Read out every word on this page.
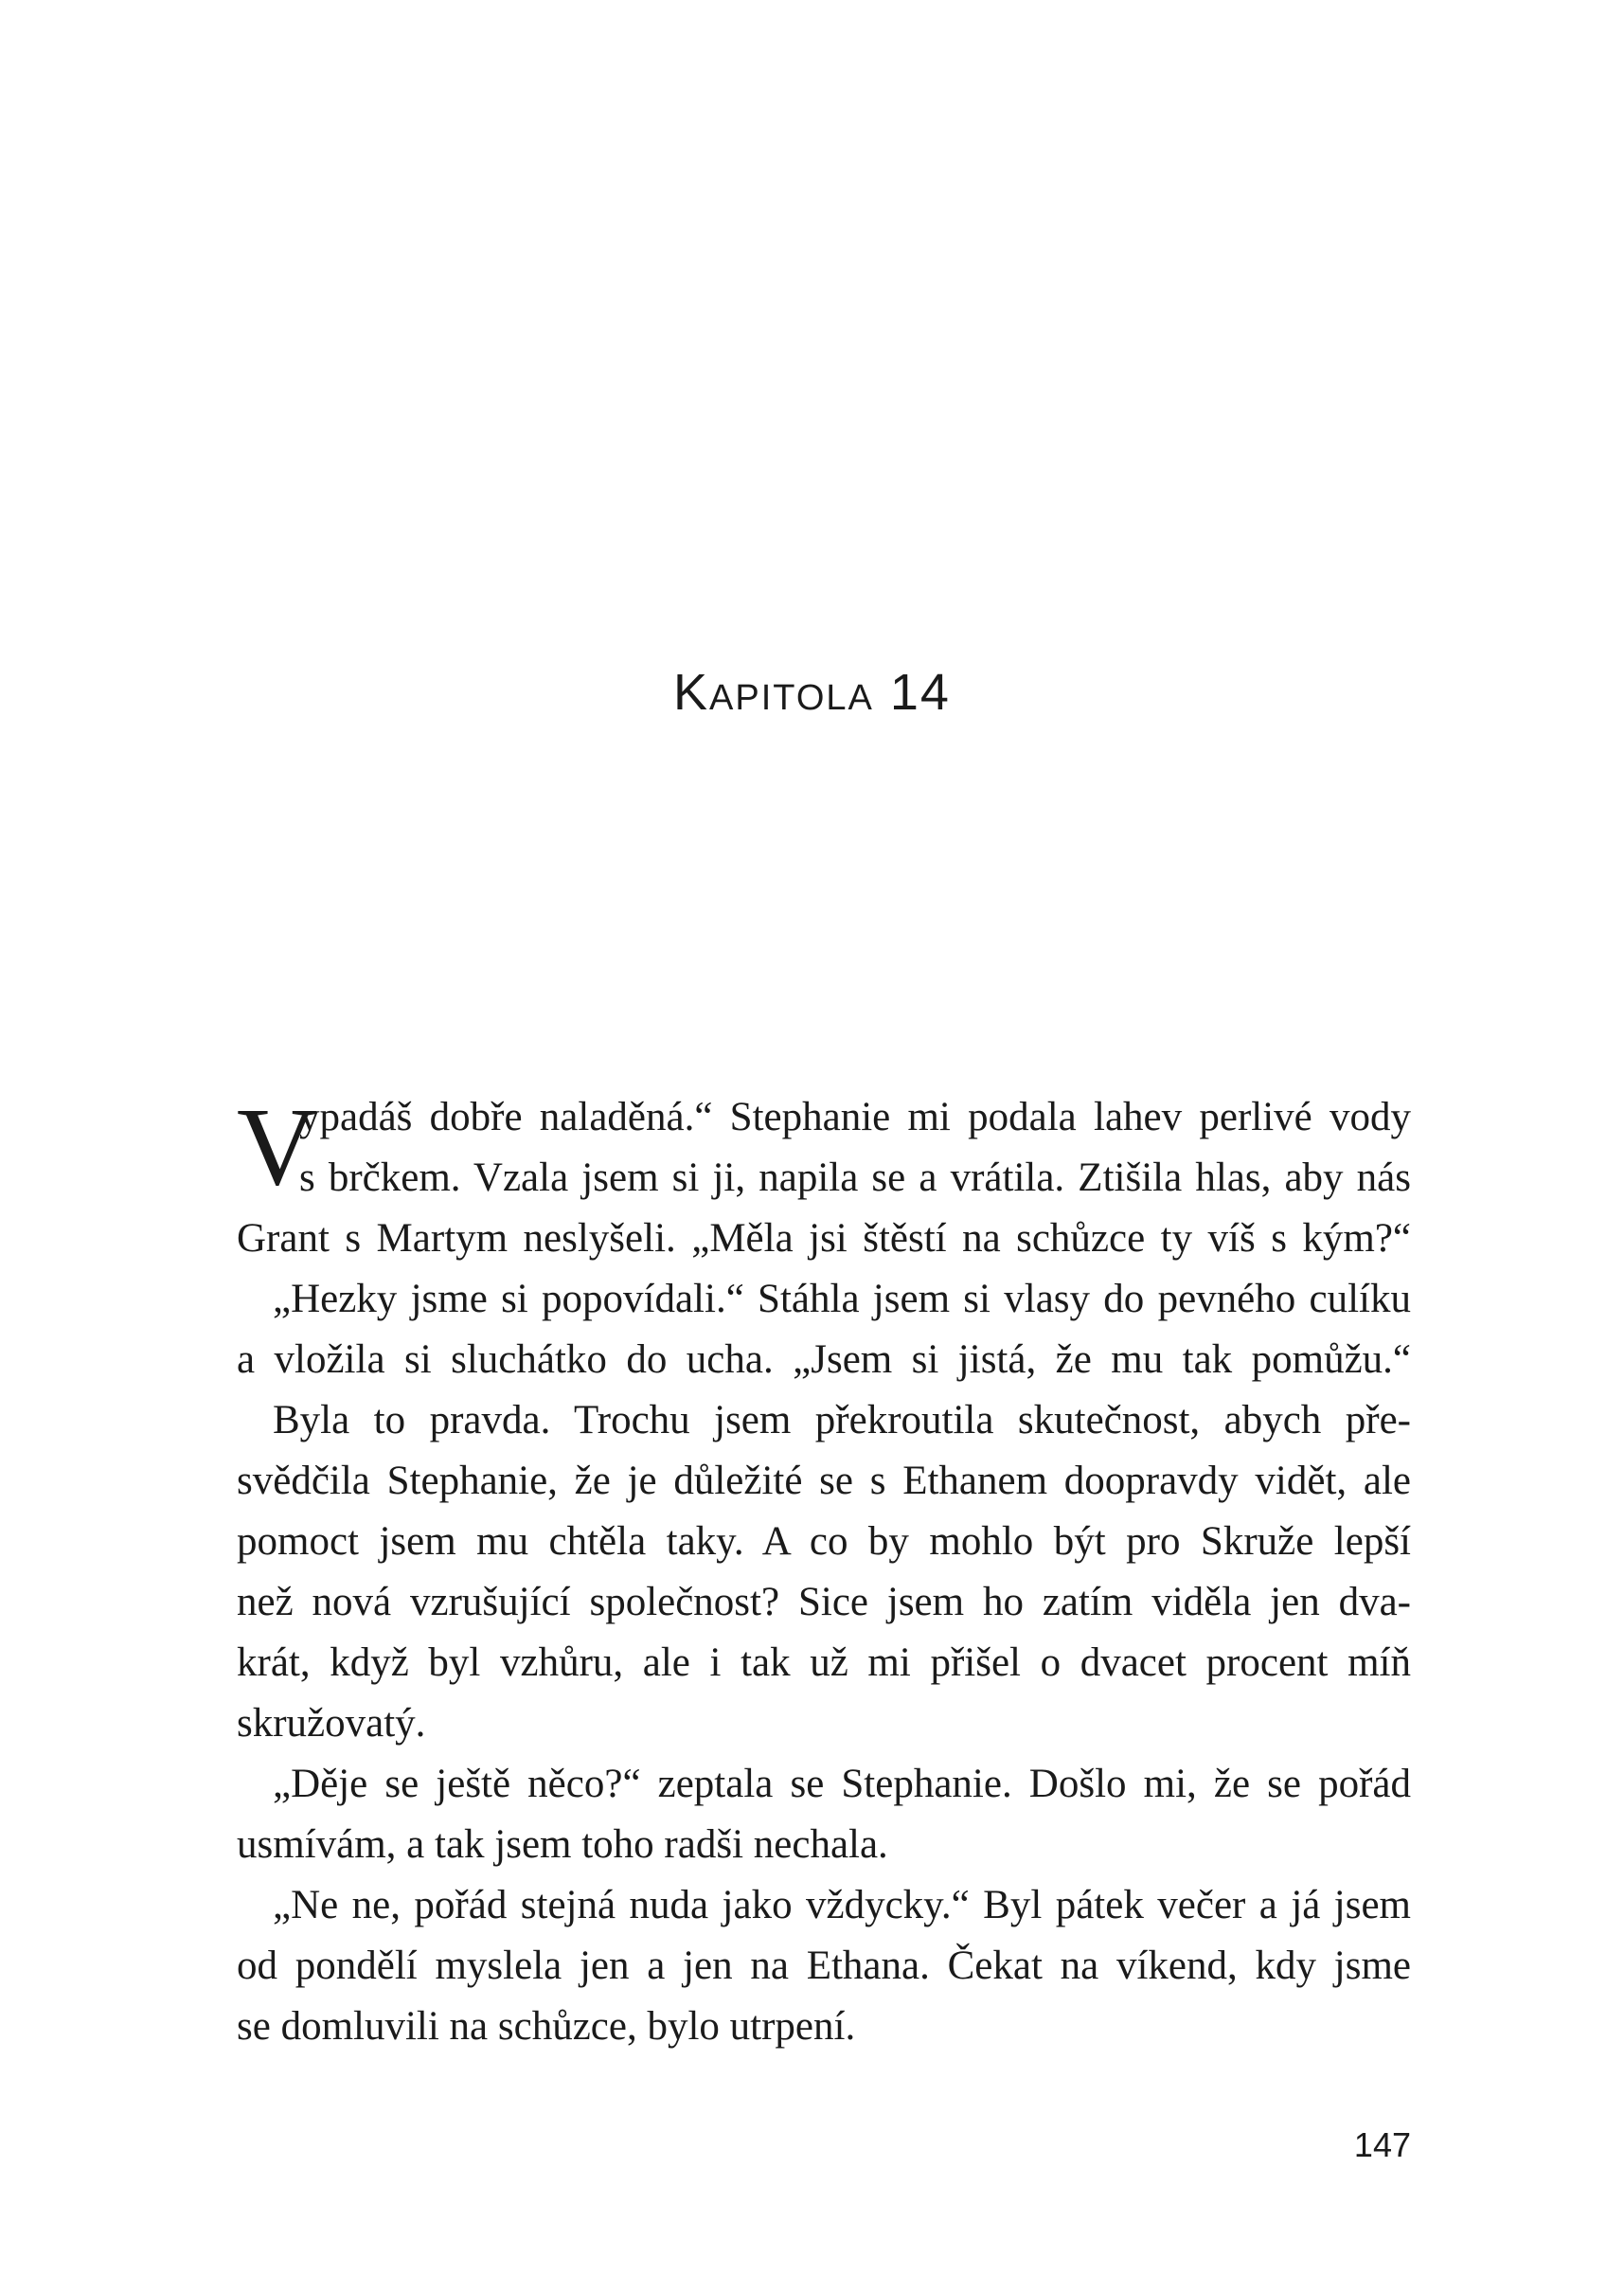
Kapitola 14
V

ypadáš dobře naladěná.“ Stephanie mi podala lahev perlivé vody

s brčkem. Vzala jsem si ji, napila se a vrátila. Ztišila hlas, aby nás

Grant s Martym neslyšeli. „Měla jsi štěstí na schůzce ty víš s kým?“

„Hezky jsme si popovídali.“ Stáhla jsem si vlasy do pevného culíku

a vložila si sluchátko do ucha. „Jsem si jistá, že mu tak pomůžu.“

Byla to pravda. Trochu jsem překroutila skutečnost, abych pře-

svědčila Stephanie, že je důležité se s Ethanem doopravdy vidět, ale

pomoct jsem mu chtěla taky. A co by mohlo být pro Skruže lepší

než nová vzrušující společnost? Sice jsem ho zatím viděla jen dva-

krát, když byl vzhůru, ale i tak už mi přišel o dvacet procent míň

skružovatý.

„Děje se ještě něco?“ zeptala se Stephanie. Došlo mi, že se pořád

usmívám, a tak jsem toho radši nechala.

„Ne ne, pořád stejná nuda jako vždycky.“ Byl pátek večer a já jsem

od pondělí myslela jen a jen na Ethana. Čekat na víkend, kdy jsme

se domluvili na schůzce, bylo utrpení.

147
